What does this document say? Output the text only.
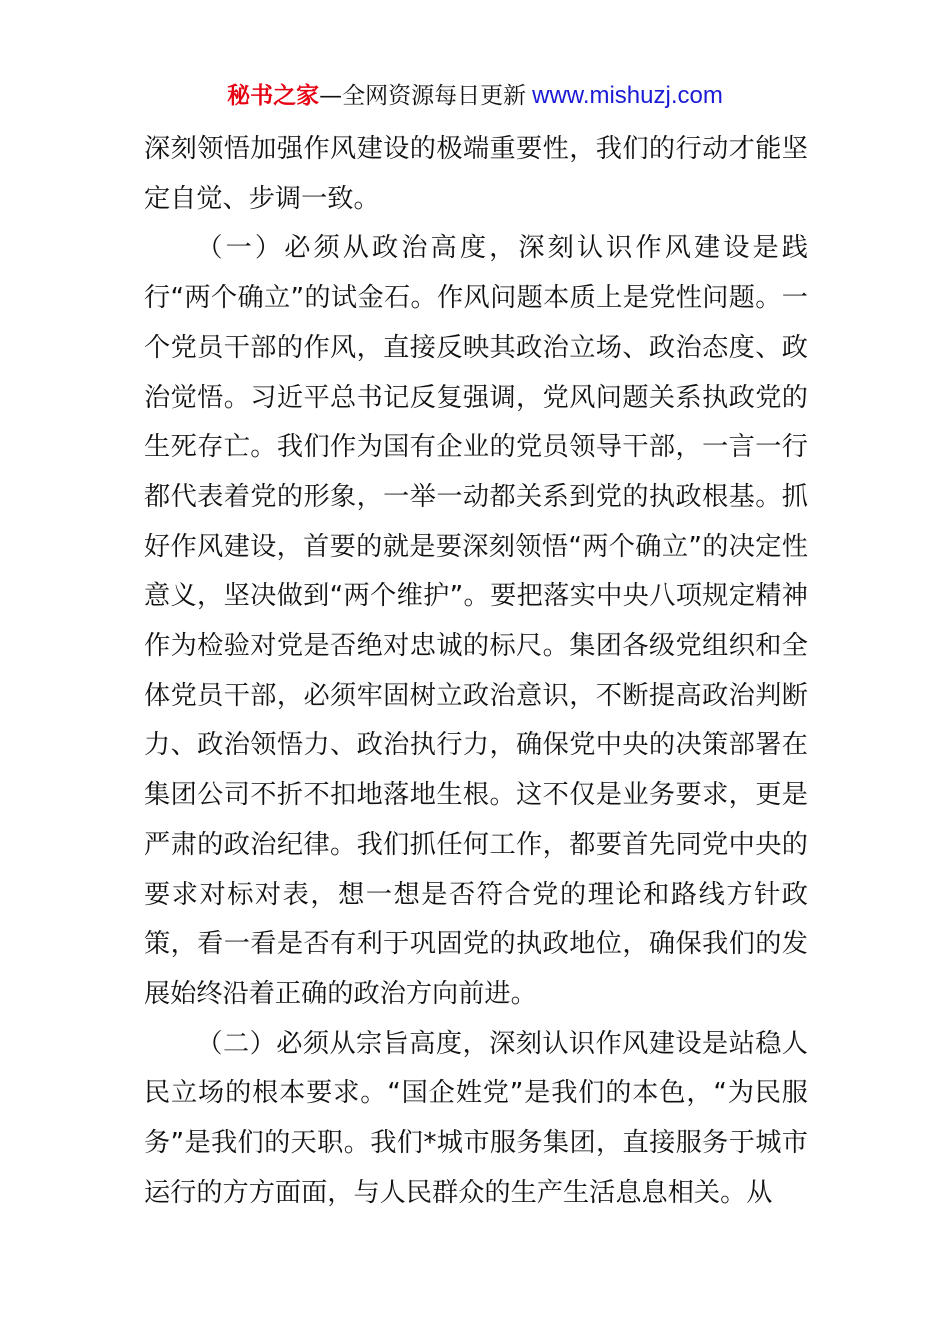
秘书之家—全网资源每日更新 www.mishuzj.com

深刻领悟加强作风建设的极端重要性，我们的行动才能坚定自觉、步调一致。

（一）必须从政治高度，深刻认识作风建设是践行“两个确立”的试金石。作风问题本质上是党性问题。一个党员干部的作风，直接反映其政治立场、政治态度、政治觉悟。习近平总书记反复强调，党风问题关系执政党的生死存亡。我们作为国有企业的党员领导干部，一言一行都代表着党的形象，一举一动都关系到党的执政根基。抓好作风建设，首要的就是要深刻领悟“两个确立”的决定性意义，坚决做到“两个维护”。要把落实中央八项规定精神作为检验对党是否绝对忠诚的标尺。集团各级党组织和全体党员干部，必须牢固树立政治意识，不断提高政治判断力、政治领悟力、政治执行力，确保党中央的决策部署在集团公司不折不扣地落地生根。这不仅是业务要求，更是严肃的政治纪律。我们抓任何工作，都要首先同党中央的要求对标对表，想一想是否符合党的理论和路线方针政策，看一看是否有利于巩固党的执政地位，确保我们的发展始终沿着正确的政治方向前进。

（二）必须从宗旨高度，深刻认识作风建设是站稳人民立场的根本要求。“国企姓党”是我们的本色，“为民服务”是我们的天职。我们*城市服务集团，直接服务于城市运行的方方面面，与人民群众的生产生活息息相关。从
